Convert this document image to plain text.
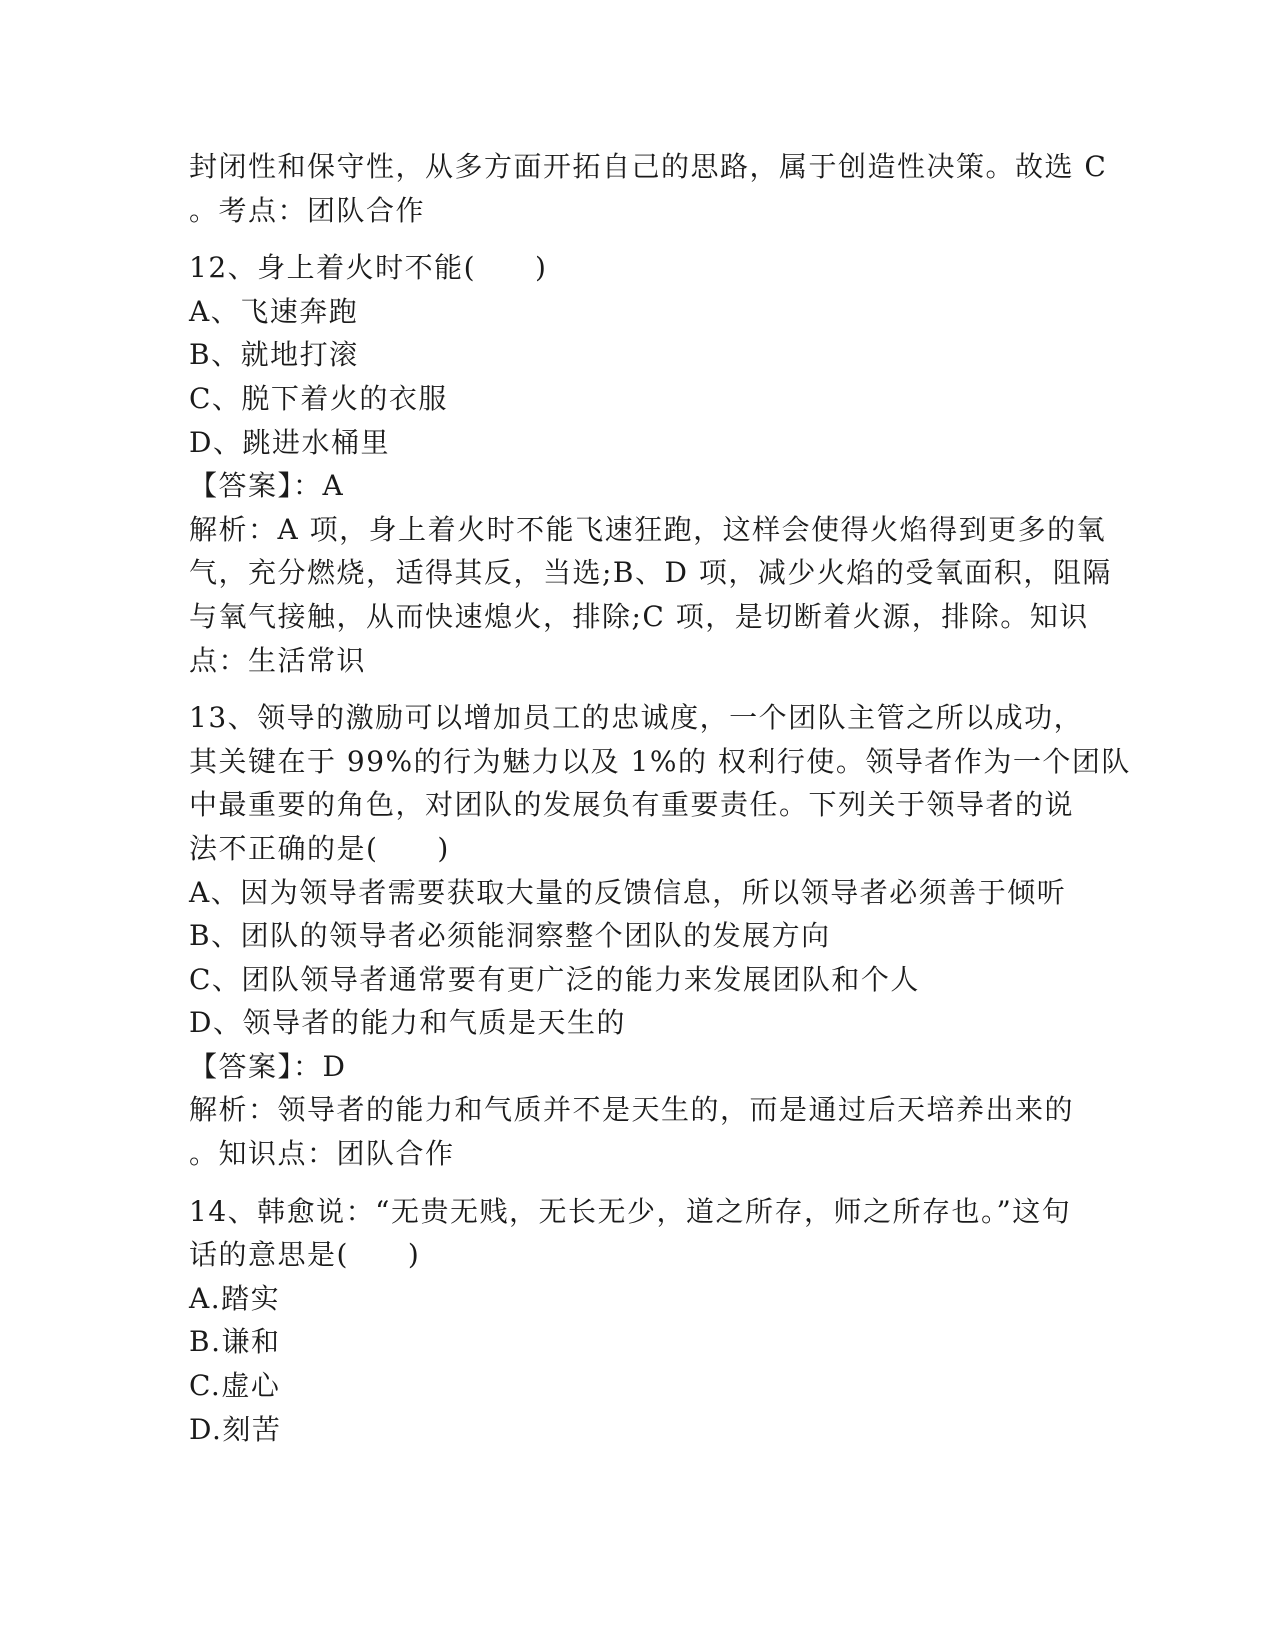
封闭性和保守性，从多方面开拓自己的思路，属于创造性决策。故选 C
。考点：团队合作
12、身上着火时不能(　　)
A、飞速奔跑
B、就地打滚
C、脱下着火的衣服
D、跳进水桶里
【答案】：A
解析：A 项，身上着火时不能飞速狂跑，这样会使得火焰得到更多的氧
气，充分燃烧，适得其反，当选;B、D 项，减少火焰的受氧面积，阻隔
与氧气接触，从而快速熄火，排除;C 项，是切断着火源，排除。知识
点：生活常识
13、领导的激励可以增加员工的忠诚度，一个团队主管之所以成功，
其关键在于 99%的行为魅力以及 1%的 权利行使。领导者作为一个团队
中最重要的角色，对团队的发展负有重要责任。下列关于领导者的说
法不正确的是(　　)
A、因为领导者需要获取大量的反馈信息，所以领导者必须善于倾听
B、团队的领导者必须能洞察整个团队的发展方向
C、团队领导者通常要有更广泛的能力来发展团队和个人
D、领导者的能力和气质是天生的
【答案】：D
解析：领导者的能力和气质并不是天生的，而是通过后天培养出来的
。知识点：团队合作
14、韩愈说：“无贵无贱，无长无少，道之所存，师之所存也。”这句
话的意思是(　　)
A.踏实
B.谦和
C.虚心
D.刻苦
